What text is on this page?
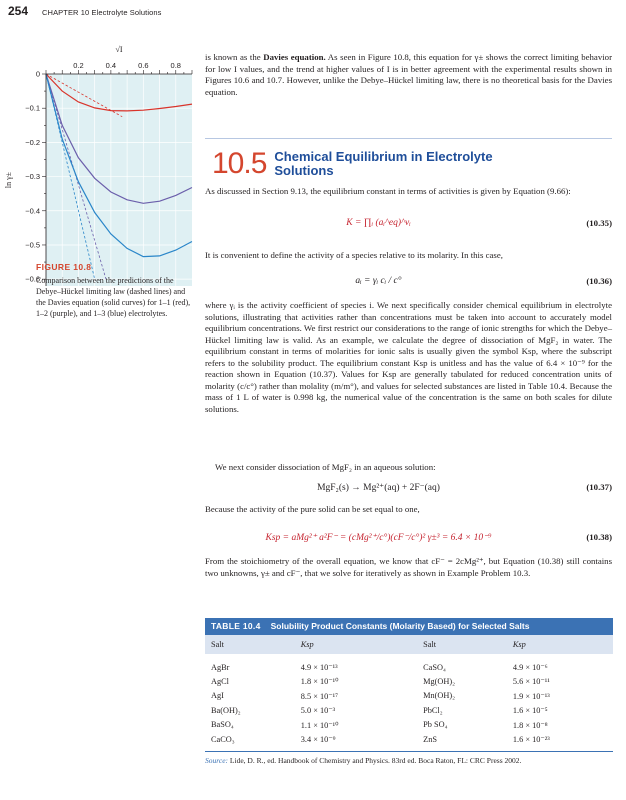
254 CHAPTER 10 Electrolyte Solutions
0.2	0.4	0.6	0.8
0
−0.1
−0.2
−0.3
−0.4
−0.5
−0.6
√I
ln γ±
FIGURE 10.8
Comparison between the predictions of the Debye–Hückel limiting law (dashed lines) and the Davies equation (solid curves) for 1–1 (red), 1–2 (purple), and 1–3 (blue) electrolytes.

is known as the Davies equation. As seen in Figure 10.8, this equation for γ± shows the correct limiting behavior for low I values, and the trend at higher values of I is in better agreement with the experimental results shown in Figures 10.6 and 10.7. However, unlike the Debye–Hückel limiting law, there is no theoretical basis for the Davies equation.

10.5 Chemical Equilibrium in Electrolyte Solutions

As discussed in Section 9.13, the equilibrium constant in terms of activities is given by Equation (9.66):

K = ∏ᵢ (aᵢ^eq)^νᵢ	(10.35)

It is convenient to define the activity of a species relative to its molarity. In this case,

aᵢ = γᵢ cᵢ / c°	(10.36)

where γᵢ is the activity coefficient of species i. We next specifically consider chemical equilibrium in electrolyte solutions, illustrating that activities rather than concentrations must be taken into account to accurately model equilibrium concentrations. We first restrict our considerations to the range of ionic strengths for which the Debye–Hückel limiting law is valid. As an example, we calculate the degree of dissociation of MgF₂ in water. The equilibrium constant in terms of molarities for ionic salts is usually given the symbol Ksp, where the subscript refers to the solubility product. The equilibrium constant Ksp is unitless and has the value of 6.4 × 10⁻⁹ for the reaction shown in Equation (10.37). Values for Ksp are generally tabulated for reduced concentration units of molarity (c/c°) rather than molality (m/m°), and values for selected substances are listed in Table 10.4. Because the mass of 1 L of water is 0.998 kg, the numerical value of the concentration is the same on both scales for dilute solutions.

We next consider dissociation of MgF₂ in an aqueous solution:

MgF₂(s) → Mg²⁺(aq) + 2F⁻(aq)	(10.37)

Because the activity of the pure solid can be set equal to one,

Ksp = aMg²⁺ a²F⁻ = (cMg²⁺/c°)(cF⁻/c°)² γ±³ = 6.4 × 10⁻⁹	(10.38)

From the stoichiometry of the overall equation, we know that cF⁻ = 2cMg²⁺, but Equation (10.38) still contains two unknowns, γ± and cF⁻, that we solve for iteratively as shown in Example Problem 10.3.

TABLE 10.4 Solubility Product Constants (Molarity Based) for Selected Salts
Salt	Ksp	Salt	Ksp
AgBr	4.9 × 10⁻¹³	CaSO₄	4.9 × 10⁻⁶
AgCl	1.8 × 10⁻¹⁰	Mg(OH)₂	5.6 × 10⁻¹¹
AgI	8.5 × 10⁻¹⁷	Mn(OH)₂	1.9 × 10⁻¹³
Ba(OH)₂	5.0 × 10⁻³	PbCl₂	1.6 × 10⁻⁵
BaSO₄	1.1 × 10⁻¹⁰	Pb SO₄	1.8 × 10⁻⁸
CaCO₃	3.4 × 10⁻⁹	ZnS	1.6 × 10⁻²³
Source: Lide, D. R., ed. Handbook of Chemistry and Physics. 83rd ed. Boca Raton, FL: CRC Press 2002.
